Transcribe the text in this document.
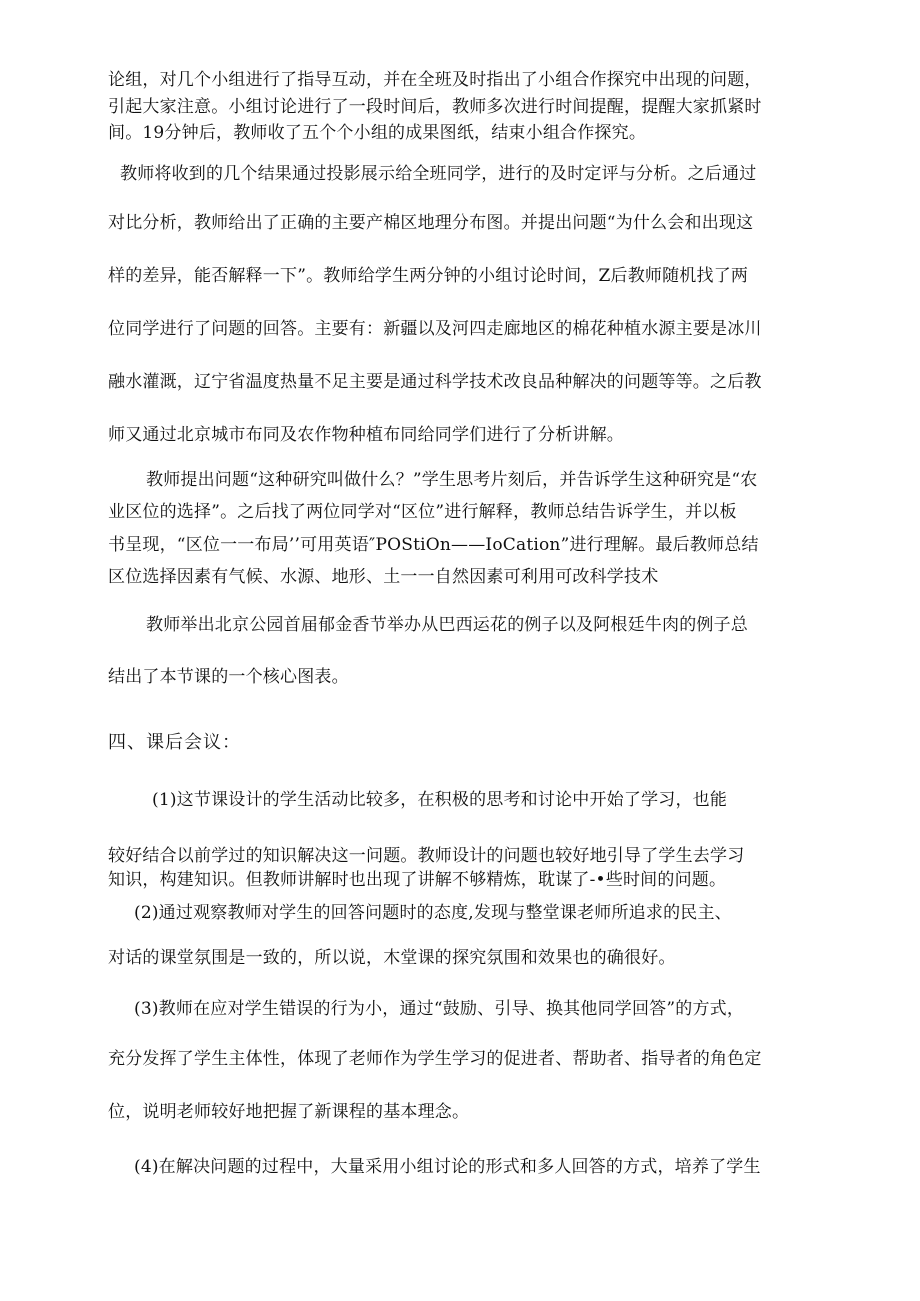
论组，对几个小组进行了指导互动，并在全班及时指出了小组合作探究中出现的问题，
引起大家注意。小组讨论进行了一段时间后，教师多次进行时间提醒，提醒大家抓紧时
间。19分钟后，教师收了五个个小组的成果图纸，结束小组合作探究。
教师将收到的几个结果通过投影展示给全班同学，进行的及时定评与分析。之后通过
对比分析，教师给出了正确的主要产棉区地理分布图。并提出问题“为什么会和出现这
样的差异，能否解释一下”。教师给学生两分钟的小组讨论时间，Z后教师随机找了两
位同学进行了问题的回答。主要有：新疆以及河四走廊地区的棉花种植水源主要是冰川
融水灌溉，辽宁省温度热量不足主要是通过科学技术改良品种解决的问题等等。之后教
师又通过北京城市布同及农作物种植布同给同学们进行了分析讲解。
教师提出问题“这种研究叫做什么？”学生思考片刻后，并告诉学生这种研究是“农
业区位的选择”。之后找了两位同学对“区位”进行解释，教师总结告诉学生，并以板
书呈现，“区位一一布局’’可用英语″POStiOn——IoCation”进行理解。最后教师总结
区位选择因素有气候、水源、地形、土一一自然因素可利用可改科学技术
教师举出北京公园首届郁金香节举办从巴西运花的例子以及阿根廷牛肉的例子总
结出了本节课的一个核心图表。
四、课后会议：
(1)这节课设计的学生活动比较多，在积极的思考和讨论中开始了学习，也能
较好结合以前学过的知识解决这一问题。教师设计的问题也较好地引导了学生去学习
知识，构建知识。但教师讲解时也出现了讲解不够精炼，耽谋了-•些时间的问题。
(2)通过观察教师对学生的回答问题时的态度,发现与整堂课老师所追求的民主、
对话的课堂氛围是一致的，所以说，木堂课的探究氛围和效果也的确很好。
(3)教师在应对学生错误的行为小，通过“鼓励、引导、换其他同学回答”的方式，
充分发挥了学生主体性，体现了老师作为学生学习的促进者、帮助者、指导者的角色定
位，说明老师较好地把握了新课程的基本理念。
(4)在解决问题的过程中，大量采用小组讨论的形式和多人回答的方式，培养了学生
